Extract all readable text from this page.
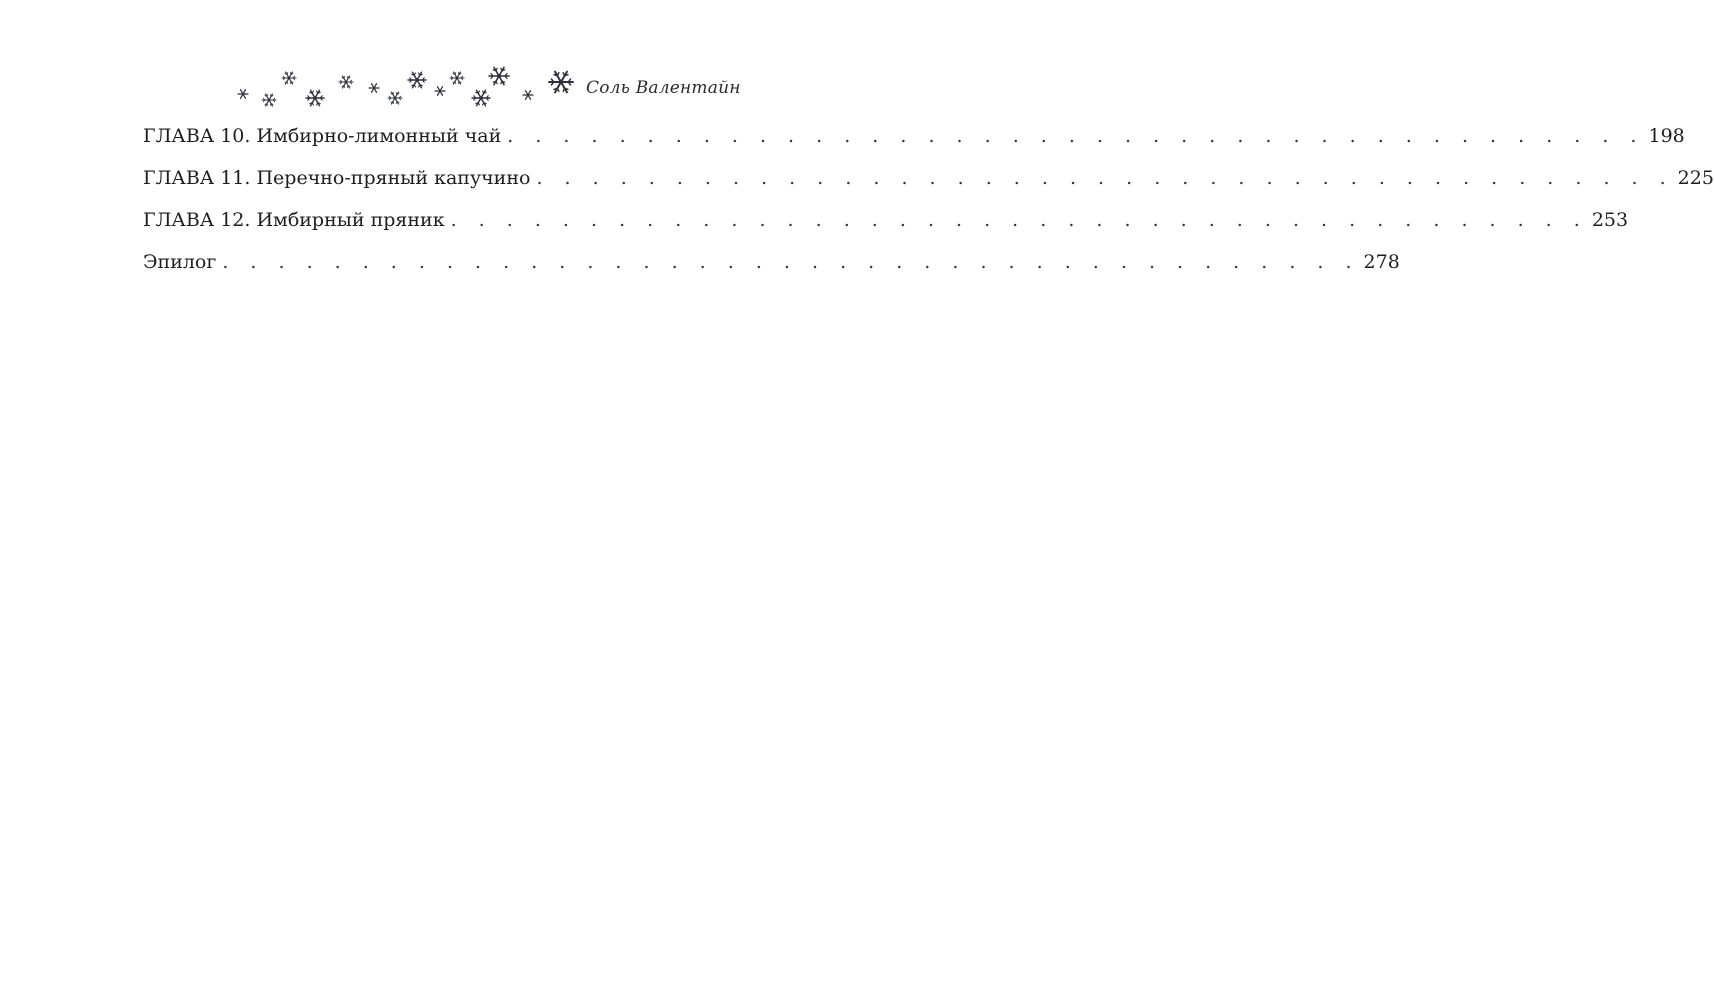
Соль Валентайн
ГЛАВА 10. Имбирно-лимонный чай . . . . . . . . . . . . . . . . . . . . . . . . . . . . . . . . . . . . . . . . . 198
ГЛАВА 11. Перечно-пряный капучино . . . . . . . . . . . . . . . . . . . . . . . . . . . . . . . . . . . . . . . . . 225
ГЛАВА 12. Имбирный пряник . . . . . . . . . . . . . . . . . . . . . . . . . . . . . . . . . . . . . . . . . 253
Эпилог . . . . . . . . . . . . . . . . . . . . . . . . . . . . . . . . . . . . . . . . . 278
